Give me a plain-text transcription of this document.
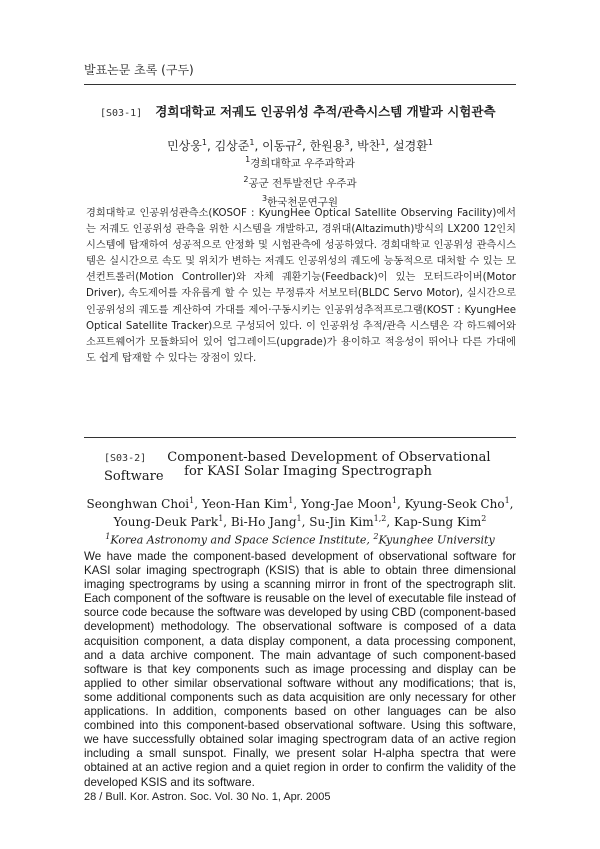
발표논문 초록 (구두)
[S03-1] 경희대학교 저궤도 인공위성 추적/관측시스템 개발과 시험관측
민상웅$^1$, 김상준$^1$, 이동규$^2$, 한원용$^3$, 박찬$^1$, 설경환$^1$
$^1$경희대학교 우주과학과
$^2$공군 전투발전단 우주과
$^3$한국천문연구원
경희대학교 인공위성관측소(KOSOF : KyungHee Optical Satellite Observing Facility)에서는 저궤도 인공위성 관측을 위한 시스템을 개발하고, 경위대(Altazimuth)방식의 LX200 12인치 시스템에 탑재하여 성공적으로 안정화 및 시험관측에 성공하였다. 경희대학교 인공위성 관측시스템은 실시간으로 속도 및 위치가 변하는 저궤도 인공위성의 궤도에 능동적으로 대처할 수 있는 모션컨트롤러(Motion Controller)와 자체 궤환기능(Feedback)이 있는 모터드라이버(Motor Driver), 속도제어를 자유롭게 할 수 있는 무정류자 서보모터(BLDC Servo Motor), 실시간으로 인공위성의 궤도를 계산하여 가대를 제어·구동시키는 인공위성추적프로그램(KOST : KyungHee Optical Satellite Tracker)으로 구성되어 있다. 이 인공위성 추적/관측 시스템은 각 하드웨어와 소프트웨어가 모듈화되어 있어 업그레이드(upgrade)가 용이하고 적응성이 뛰어나 다른 가대에도 쉽게 탑재할 수 있다는 장점이 있다.
[S03-2] Component-based Development of Observational Software	for KASI Solar Imaging Spectrograph
Seonghwan Choi$^1$, Yeon-Han Kim$^1$, Yong-Jae Moon$^1$, Kyung-Seok Cho$^1$,
Young-Deuk Park$^1$, Bi-Ho Jang$^1$, Su-Jin Kim$^{1,2}$, Kap-Sung Kim$^2$
$^1$Korea Astronomy and Space Science Institute, $^2$Kyunghee University
We have made the component-based development of observational software for KASI solar imaging spectrograph (KSIS) that is able to obtain three dimensional imaging spectrograms by using a scanning mirror in front of the spectrograph slit. Each component of the software is reusable on the level of executable file instead of source code because the software was developed by using CBD (component-based development) methodology. The observational software is composed of a data acquisition component, a data display component, a data processing component, and a data archive component. The main advantage of such component-based software is that key components such as image processing and display can be applied to other similar observational software without any modifications; that is, some additional components such as data acquisition are only necessary for other applications. In addition, components based on other languages can be also combined into this component-based observational software. Using this software, we have successfully obtained solar imaging spectrogram data of an active region including a small sunspot. Finally, we present solar H-alpha spectra that were obtained at an active region and a quiet region in order to confirm the validity of the developed KSIS and its software.
28 / Bull. Kor. Astron. Soc. Vol. 30 No. 1, Apr. 2005
